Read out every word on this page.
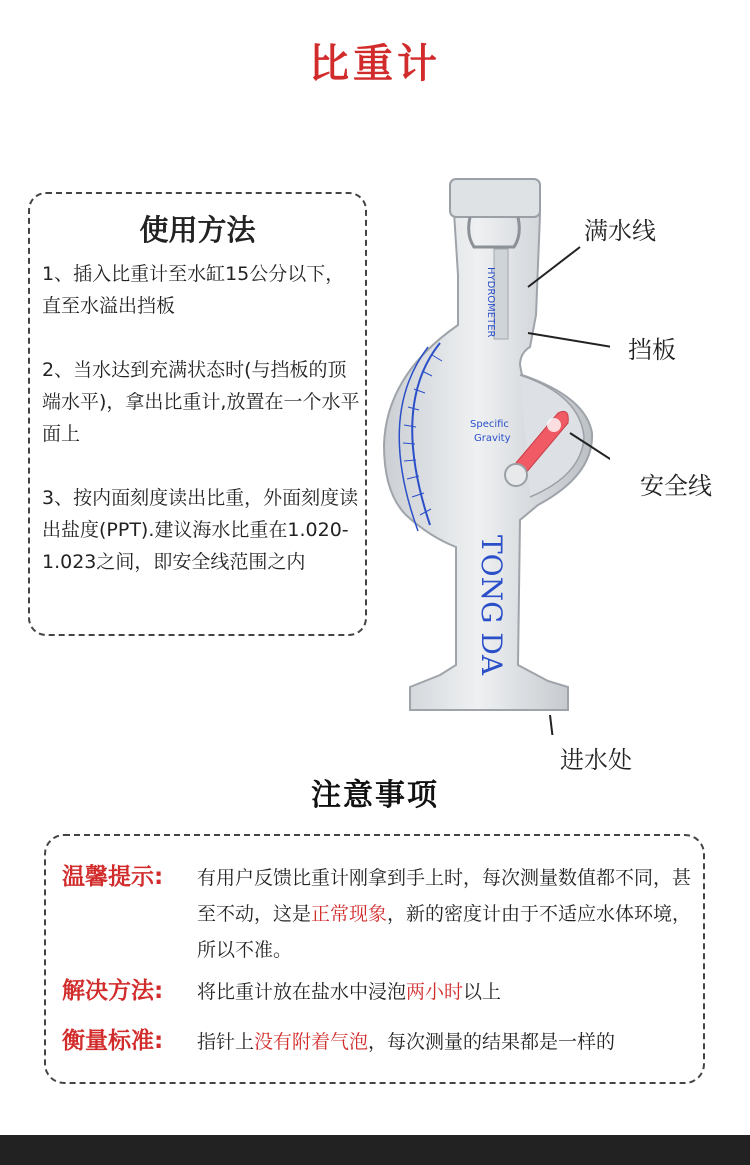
比重计
使用方法
1、插入比重计至水缸15公分以下，直至水溢出挡板
2、当水达到充满状态时(与挡板的顶端水平)，拿出比重计,放置在一个水平面上
3、按内面刻度读出比重，外面刻度读出盐度(PPT).建议海水比重在1.020-1.023之间，即安全线范围之内
HYDROMETER
Specific
Gravity
TONG DA
满水线
挡板
安全线
进水处
注意事项
温馨提示: 有用户反馈比重计刚拿到手上时，每次测量数值都不同，甚至不动，这是正常现象，新的密度计由于不适应水体环境，所以不准。
解决方法: 将比重计放在盐水中浸泡两小时以上
衡量标准: 指针上没有附着气泡，每次测量的结果都是一样的
